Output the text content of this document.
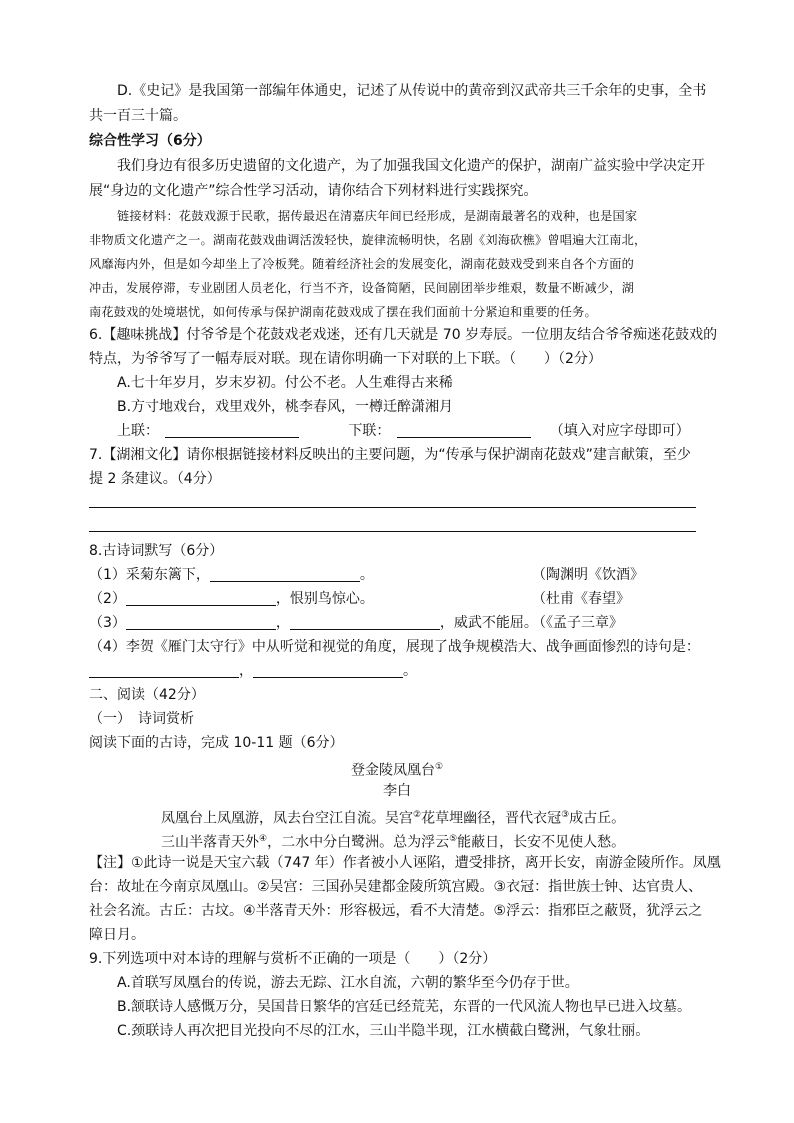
D.《史记》是我国第一部编年体通史，记述了从传说中的黄帝到汉武帝共三千余年的史事，全书
共一百三十篇。
综合性学习（6分）
我们身边有很多历史遗留的文化遗产，为了加强我国文化遗产的保护，湖南广益实验中学决定开
展“身边的文化遗产”综合性学习活动，请你结合下列材料进行实践探究。
链接材料：花鼓戏源于民歌，据传最迟在清嘉庆年间已经形成，是湖南最著名的戏种，也是国家
非物质文化遗产之一。湖南花鼓戏曲调活泼轻快，旋律流畅明快，名剧《刘海砍樵》曾唱遍大江南北，
风靡海内外，但是如今却坐上了冷板凳。随着经济社会的发展变化，湖南花鼓戏受到来自各个方面的
冲击，发展停滞，专业剧团人员老化，行当不齐，设备简陋，民间剧团举步维艰，数量不断减少，湖
南花鼓戏的处境堪忧，如何传承与保护湖南花鼓戏成了摆在我们面前十分紧迫和重要的任务。
6.【趣味挑战】付爷爷是个花鼓戏老戏迷，还有几天就是 70 岁寿辰。一位朋友结合爷爷痴迷花鼓戏的
特点，为爷爷写了一幅寿辰对联。现在请你明确一下对联的上下联。（　　）（2分）
A.七十年岁月，岁末岁初。付公不老。人生难得古来稀
B.方寸地戏台，戏里戏外，桃李春风，一樽迁醉潇湘月
上联：	下联：	（填入对应字母即可）
7.【湖湘文化】请你根据链接材料反映出的主要问题，为“传承与保护湖南花鼓戏”建言献策，至少
提 2 条建议。（4分）
8.古诗词默写（6分）
（1）采菊东篱下，	。	（陶渊明《饮酒》
（2）	，恨别鸟惊心。	（杜甫《春望》
（3）	，	，威武不能屈。
（《孟子三章》
（4）李贺《雁门太守行》中从听觉和视觉的角度，展现了战争规模浩大、战争画面惨烈的诗句是：
，	。
二、阅读（42分）
（一）　诗词赏析
阅读下面的古诗，完成 10-11 题（6分）
登金陵凤凰台①
李白
凤凰台上凤凰游，凤去台空江自流。吴宫②花草埋幽径，晋代衣冠③成古丘。
三山半落青天外④，二水中分白鹭洲。总为浮云⑤能蔽日，长安不见使人愁。
【注】①此诗一说是天宝六载（747 年）作者被小人诬陷，遭受排挤，离开长安，南游金陵所作。凤凰
台：故址在今南京凤凰山。②吴宫：三国孙吴建都金陵所筑宫殿。③衣冠：指世族士钟、达官贵人、
社会名流。古丘：古坟。④半落青天外：形容极远，看不大清楚。⑤浮云：指邪臣之蔽贤，犹浮云之
障日月。
9.下列选项中对本诗的理解与赏析不正确的一项是（　　）（2分）
A.首联写凤凰台的传说，游去无踪、江水自流，六朝的繁华至今仍存于世。
B.颔联诗人感慨万分，吴国昔日繁华的宫廷已经荒芜，东晋的一代风流人物也早已进入坟墓。
C.颈联诗人再次把目光投向不尽的江水，三山半隐半现，江水横截白鹭洲，气象壮丽。
